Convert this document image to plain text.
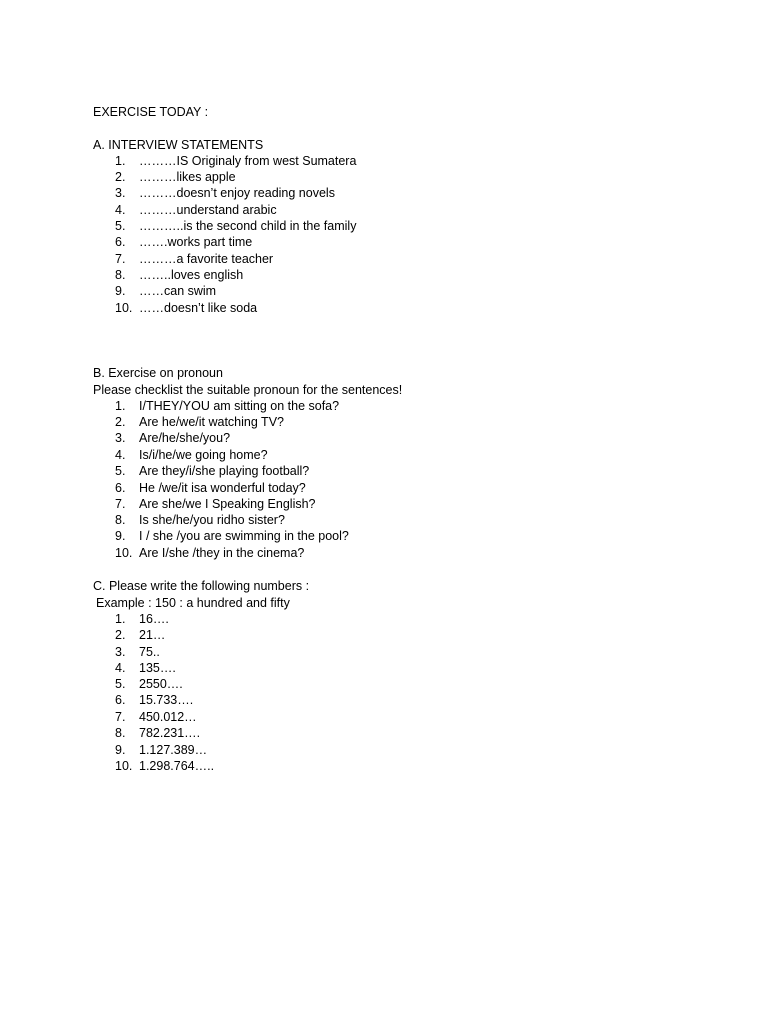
EXERCISE TODAY :
A. INTERVIEW STATEMENTS
1.	………IS Originaly from west Sumatera
2.	………likes apple
3.	………doesn’t enjoy reading novels
4.	………understand arabic
5.	………..is the second child in the family
6.	…….works part time
7.	………a favorite teacher
8.	……..loves english
9.	……can swim
10. ……doesn’t like soda
B. Exercise on pronoun
Please checklist the suitable pronoun for the sentences!
1.	I/THEY/YOU am sitting on the sofa?
2.	Are he/we/it watching TV?
3.	Are/he/she/you?
4.	Is/i/he/we going home?
5.	Are they/i/she playing football?
6.	He /we/it isa wonderful today?
7.	Are she/we I Speaking English?
8.	Is she/he/you ridho sister?
9.	I / she /you are swimming in the pool?
10. Are I/she /they in the cinema?
C. Please write the following numbers :
Example : 150 : a hundred and fifty
1.	16….
2.	21…
3.	75..
4.	135….
5.	2550….
6.	15.733….
7.	450.012…
8.	782.231….
9.	1.127.389…
10. 1.298.764…..
